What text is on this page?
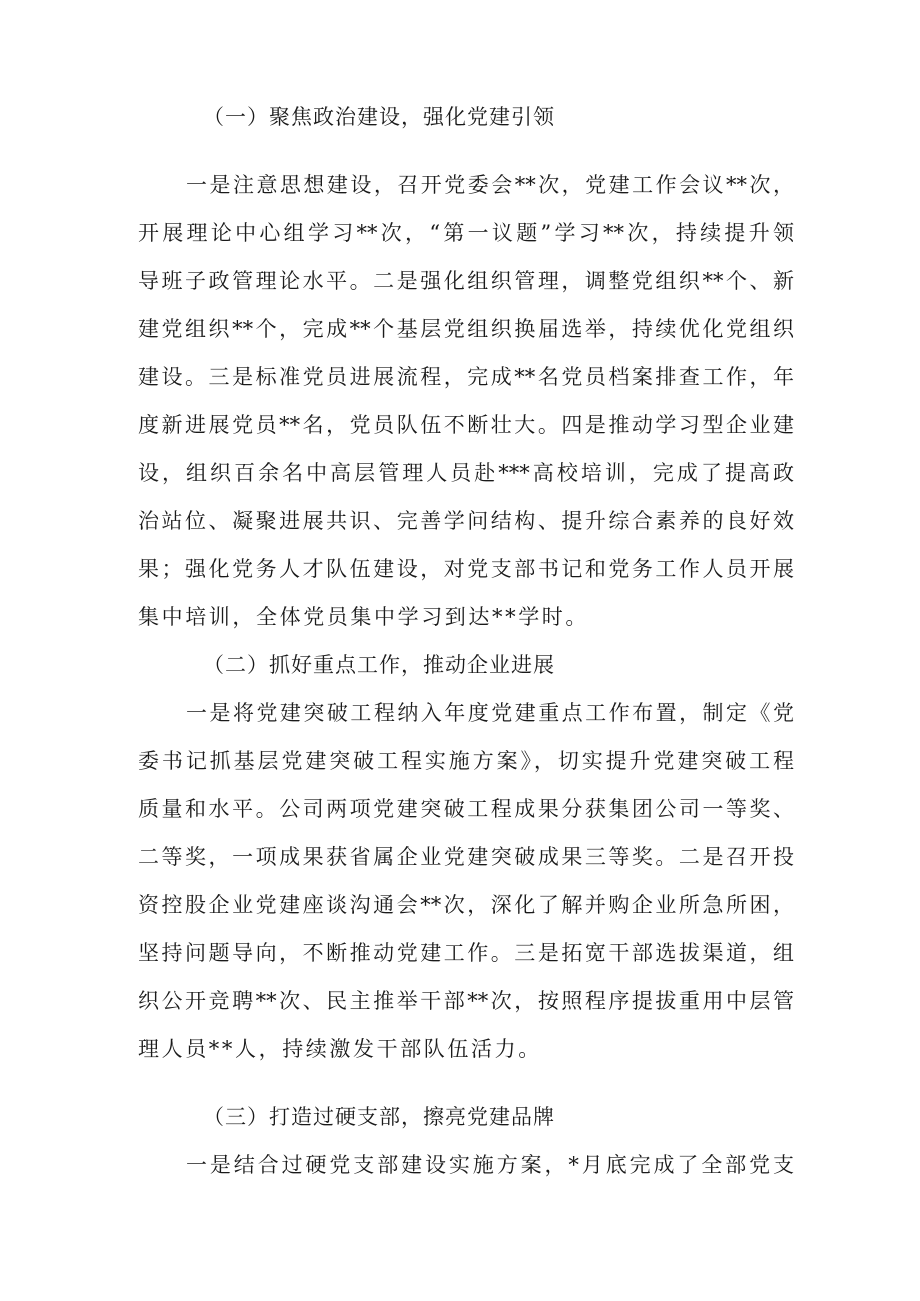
（一）聚焦政治建设，强化党建引领
一是注意思想建设，召开党委会**次，党建工作会议**次，
开展理论中心组学习**次，“第一议题”学习**次，持续提升领
导班子政管理论水平。二是强化组织管理，调整党组织**个、新
建党组织**个，完成**个基层党组织换届选举，持续优化党组织
建设。三是标准党员进展流程，完成**名党员档案排查工作，年
度新进展党员**名，党员队伍不断壮大。四是推动学习型企业建
设，组织百余名中高层管理人员赴***高校培训，完成了提高政
治站位、凝聚进展共识、完善学问结构、提升综合素养的良好效
果；强化党务人才队伍建设，对党支部书记和党务工作人员开展
集中培训，全体党员集中学习到达**学时。
（二）抓好重点工作，推动企业进展
一是将党建突破工程纳入年度党建重点工作布置，制定《党
委书记抓基层党建突破工程实施方案》，切实提升党建突破工程
质量和水平。公司两项党建突破工程成果分获集团公司一等奖、
二等奖，一项成果获省属企业党建突破成果三等奖。二是召开投
资控股企业党建座谈沟通会**次，深化了解并购企业所急所困，
坚持问题导向，不断推动党建工作。三是拓宽干部选拔渠道，组
织公开竞聘**次、民主推举干部**次，按照程序提拔重用中层管
理人员**人，持续激发干部队伍活力。
（三）打造过硬支部，擦亮党建品牌
一是结合过硬党支部建设实施方案，*月底完成了全部党支
